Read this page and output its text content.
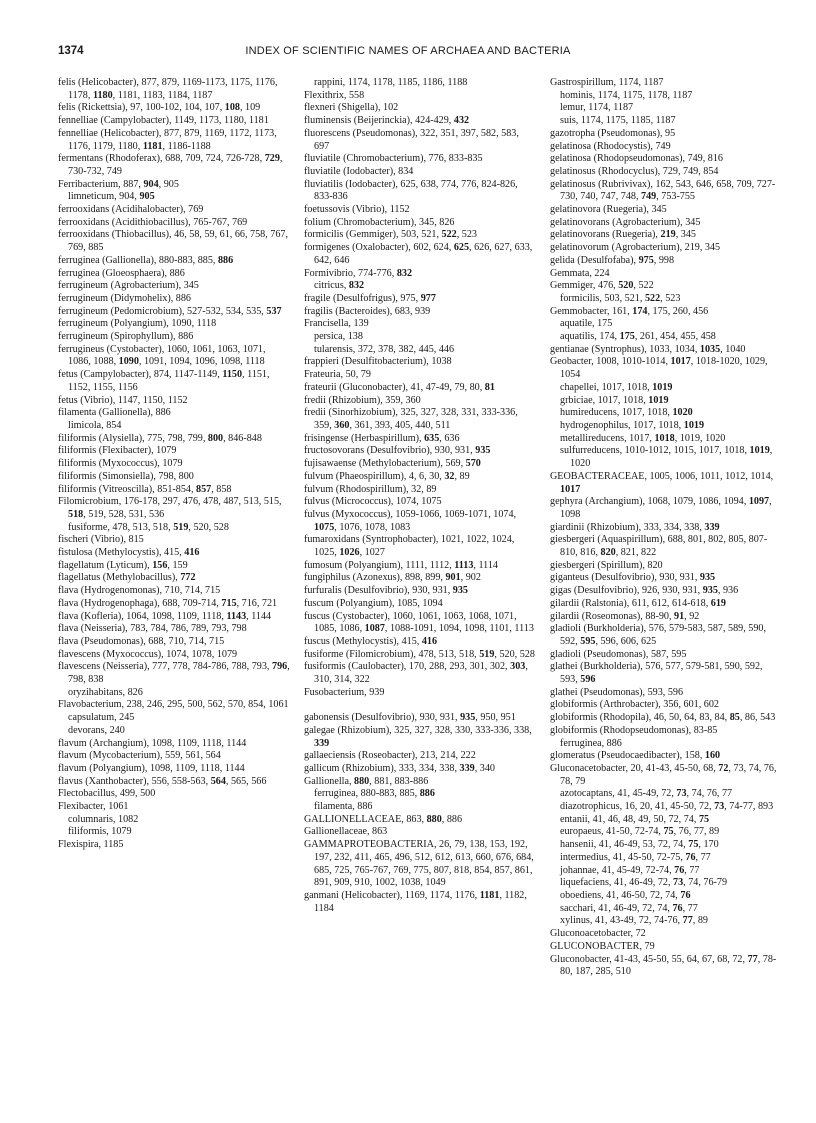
1374	INDEX OF SCIENTIFIC NAMES OF ARCHAEA AND BACTERIA

felis (Helicobacter), 877, 879, 1169-1173, 1175, 1176, 1178, 1180, 1181, 1183, 1184, 1187

felis (Rickettsia), 97, 100-102, 104, 107, 108, 109

fennelliae (Campylobacter), 1149, 1173, 1180, 1181

fennelliae (Helicobacter), 877, 879, 1169, 1172, 1173, 1176, 1179, 1180, 1181, 1186-1188

fermentans (Rhodoferax), 688, 709, 724, 726-728, 729, 730-732, 749

Ferribacterium, 887, 904, 905

limneticum, 904, 905

ferrooxidans (Acidihalobacter), 769

ferrooxidans (Acidithiobacillus), 765-767, 769

ferrooxidans (Thiobacillus), 46, 58, 59, 61, 66, 758, 767, 769, 885

ferruginea (Gallionella), 880-883, 885, 886

ferruginea (Gloeosphaera), 886

ferrugineum (Agrobacterium), 345

ferrugineum (Didymohelix), 886

ferrugineum (Pedomicrobium), 527-532, 534, 535, 537

ferrugineum (Polyangium), 1090, 1118

ferrugineum (Spirophyllum), 886

ferrugineus (Cystobacter), 1060, 1061, 1063, 1071, 1086, 1088, 1090, 1091, 1094, 1096, 1098, 1118

fetus (Campylobacter), 874, 1147-1149, 1150, 1151, 1152, 1155, 1156

fetus (Vibrio), 1147, 1150, 1152

filamenta (Gallionella), 886

limicola, 854

filiformis (Alysiella), 775, 798, 799, 800, 846-848

filiformis (Flexibacter), 1079

filiformis (Myxococcus), 1079

filiformis (Simonsiella), 798, 800

filiformis (Vitreoscilla), 851-854, 857, 858

Filomicrobium, 176-178, 297, 476, 478, 487, 513, 515, 518, 519, 528, 531, 536

fusiforme, 478, 513, 518, 519, 520, 528

fischeri (Vibrio), 815

fistulosa (Methylocystis), 415, 416

flagellatum (Lyticum), 156, 159

flagellatus (Methylobacillus), 772

flava (Hydrogenomonas), 710, 714, 715

flava (Hydrogenophaga), 688, 709-714, 715, 716, 721

flava (Kofleria), 1064, 1098, 1109, 1118, 1143, 1144

flava (Neisseria), 783, 784, 786, 789, 793, 798

flava (Pseudomonas), 688, 710, 714, 715

flavescens (Myxococcus), 1074, 1078, 1079

flavescens (Neisseria), 777, 778, 784-786, 788, 793, 796, 798, 838

oryzihabitans, 826

Flavobacterium, 238, 246, 295, 500, 562, 570, 854, 1061

capsulatum, 245

devorans, 240

flavum (Archangium), 1098, 1109, 1118, 1144

flavum (Mycobacterium), 559, 561, 564

flavum (Polyangium), 1098, 1109, 1118, 1144

flavus (Xanthobacter), 556, 558-563, 564, 565, 566

Flectobacillus, 499, 500

Flexibacter, 1061

columnaris, 1082

filiformis, 1079

Flexispira, 1185

rappini, 1174, 1178, 1185, 1186, 1188

Flexithrix, 558

flexneri (Shigella), 102

fluminensis (Beijerinckia), 424-429, 432

fluorescens (Pseudomonas), 322, 351, 397, 582, 583, 697

fluviatile (Chromobacterium), 776, 833-835

fluviatile (Iodobacter), 834

fluviatilis (Iodobacter), 625, 638, 774, 776, 824-826, 833-836

foetussovis (Vibrio), 1152

folium (Chromobacterium), 345, 826

formicilis (Gemmiger), 503, 521, 522, 523

formigenes (Oxalobacter), 602, 624, 625, 626, 627, 633, 642, 646

Formivibrio, 774-776, 832

citricus, 832

fragile (Desulfofrigus), 975, 977

fragilis (Bacteroides), 683, 939

Francisella, 139

persica, 138

tularensis, 372, 378, 382, 445, 446

frappieri (Desulfitobacterium), 1038

Frateuria, 50, 79

frateurii (Gluconobacter), 41, 47-49, 79, 80, 81

fredii (Rhizobium), 359, 360

fredii (Sinorhizobium), 325, 327, 328, 331, 333-336, 359, 360, 361, 393, 405, 440, 511

frisingense (Herbaspirillum), 635, 636

fructosovorans (Desulfovibrio), 930, 931, 935

fujisawaense (Methylobacterium), 569, 570

fulvum (Phaeospirillum), 4, 6, 30, 32, 89

fulvum (Rhodospirillum), 32, 89

fulvus (Micrococcus), 1074, 1075

fulvus (Myxococcus), 1059-1066, 1069-1071, 1074, 1075, 1076, 1078, 1083

fumaroxidans (Syntrophobacter), 1021, 1022, 1024, 1025, 1026, 1027

fumosum (Polyangium), 1111, 1112, 1113, 1114

fungiphilus (Azonexus), 898, 899, 901, 902

furfuralis (Desulfovibrio), 930, 931, 935

fuscum (Polyangium), 1085, 1094

fuscus (Cystobacter), 1060, 1061, 1063, 1068, 1071, 1085, 1086, 1087, 1088-1091, 1094, 1098, 1101, 1113

fuscus (Methylocystis), 415, 416

fusiforme (Filomicrobium), 478, 513, 518, 519, 520, 528

fusiformis (Caulobacter), 170, 288, 293, 301, 302, 303, 310, 314, 322

Fusobacterium, 939

gabonensis (Desulfovibrio), 930, 931, 935, 950, 951

galegae (Rhizobium), 325, 327, 328, 330, 333-336, 338, 339

gallaeciensis (Roseobacter), 213, 214, 222

gallicum (Rhizobium), 333, 334, 338, 339, 340

Gallionella, 880, 881, 883-886

ferruginea, 880-883, 885, 886

filamenta, 886

GALLIONELLACEAE, 863, 880, 886

Gallionellaceae, 863

GAMMAPROTEOBACTERIA, 26, 79, 138, 153, 192, 197, 232, 411, 465, 496, 512, 612, 613, 660, 676, 684, 685, 725, 765-767, 769, 775, 807, 818, 854, 857, 861, 891, 909, 910, 1002, 1038, 1049

ganmani (Helicobacter), 1169, 1174, 1176, 1181, 1182, 1184

Gastrospirillum, 1174, 1187

hominis, 1174, 1175, 1178, 1187

lemur, 1174, 1187

suis, 1174, 1175, 1185, 1187

gazotropha (Pseudomonas), 95

gelatinosa (Rhodocystis), 749

gelatinosa (Rhodopseudomonas), 749, 816

gelatinosus (Rhodocyclus), 729, 749, 854

gelatinosus (Rubrivivax), 162, 543, 646, 658, 709, 727-730, 740, 747, 748, 749, 753-755

gelatinovora (Ruegeria), 345

gelatinovorans (Agrobacterium), 345

gelatinovorans (Ruegeria), 219, 345

gelatinovorum (Agrobacterium), 219, 345

gelida (Desulfofaba), 975, 998

Gemmata, 224

Gemmiger, 476, 520, 522

formicilis, 503, 521, 522, 523

Gemmobacter, 161, 174, 175, 260, 456

aquatile, 175

aquatilis, 174, 175, 261, 454, 455, 458

gentianae (Syntrophus), 1033, 1034, 1035, 1040

Geobacter, 1008, 1010-1014, 1017, 1018-1020, 1029, 1054

chapellei, 1017, 1018, 1019

grbiciae, 1017, 1018, 1019

humireducens, 1017, 1018, 1020

hydrogenophilus, 1017, 1018, 1019

metallireducens, 1017, 1018, 1019, 1020

sulfurreducens, 1010-1012, 1015, 1017, 1018, 1019, 1020

GEOBACTERACEAE, 1005, 1006, 1011, 1012, 1014, 1017

gephyra (Archangium), 1068, 1079, 1086, 1094, 1097, 1098

giardinii (Rhizobium), 333, 334, 338, 339

giesbergeri (Aquaspirillum), 688, 801, 802, 805, 807-810, 816, 820, 821, 822

giesbergeri (Spirillum), 820

giganteus (Desulfovibrio), 930, 931, 935

gigas (Desulfovibrio), 926, 930, 931, 935, 936

gilardii (Ralstonia), 611, 612, 614-618, 619

gilardii (Roseomonas), 88-90, 91, 92

gladioli (Burkholderia), 576, 579-583, 587, 589, 590, 592, 595, 596, 606, 625

gladioli (Pseudomonas), 587, 595

glathei (Burkholderia), 576, 577, 579-581, 590, 592, 593, 596

glathei (Pseudomonas), 593, 596

globiformis (Arthrobacter), 356, 601, 602

globiformis (Rhodopila), 46, 50, 64, 83, 84, 85, 86, 543

globiformis (Rhodopseudomonas), 83-85

ferruginea, 886

glomeratus (Pseudocaedibacter), 158, 160

Gluconacetobacter, 20, 41-43, 45-50, 68, 72, 73, 74, 76, 78, 79

azotocaptans, 41, 45-49, 72, 73, 74, 76, 77

diazotrophicus, 16, 20, 41, 45-50, 72, 73, 74-77, 893

entanii, 41, 46, 48, 49, 50, 72, 74, 75

europaeus, 41-50, 72-74, 75, 76, 77, 89

hansenii, 41, 46-49, 53, 72, 74, 75, 170

intermedius, 41, 45-50, 72-75, 76, 77

johannae, 41, 45-49, 72-74, 76, 77

liquefaciens, 41, 46-49, 72, 73, 74, 76-79

oboediens, 41, 46-50, 72, 74, 76

sacchari, 41, 46-49, 72, 74, 76, 77

xylinus, 41, 43-49, 72, 74-76, 77, 89

Gluconoacetobacter, 72

GLUCONOBACTER, 79

Gluconobacter, 41-43, 45-50, 55, 64, 67, 68, 72, 77, 78-80, 187, 285, 510
